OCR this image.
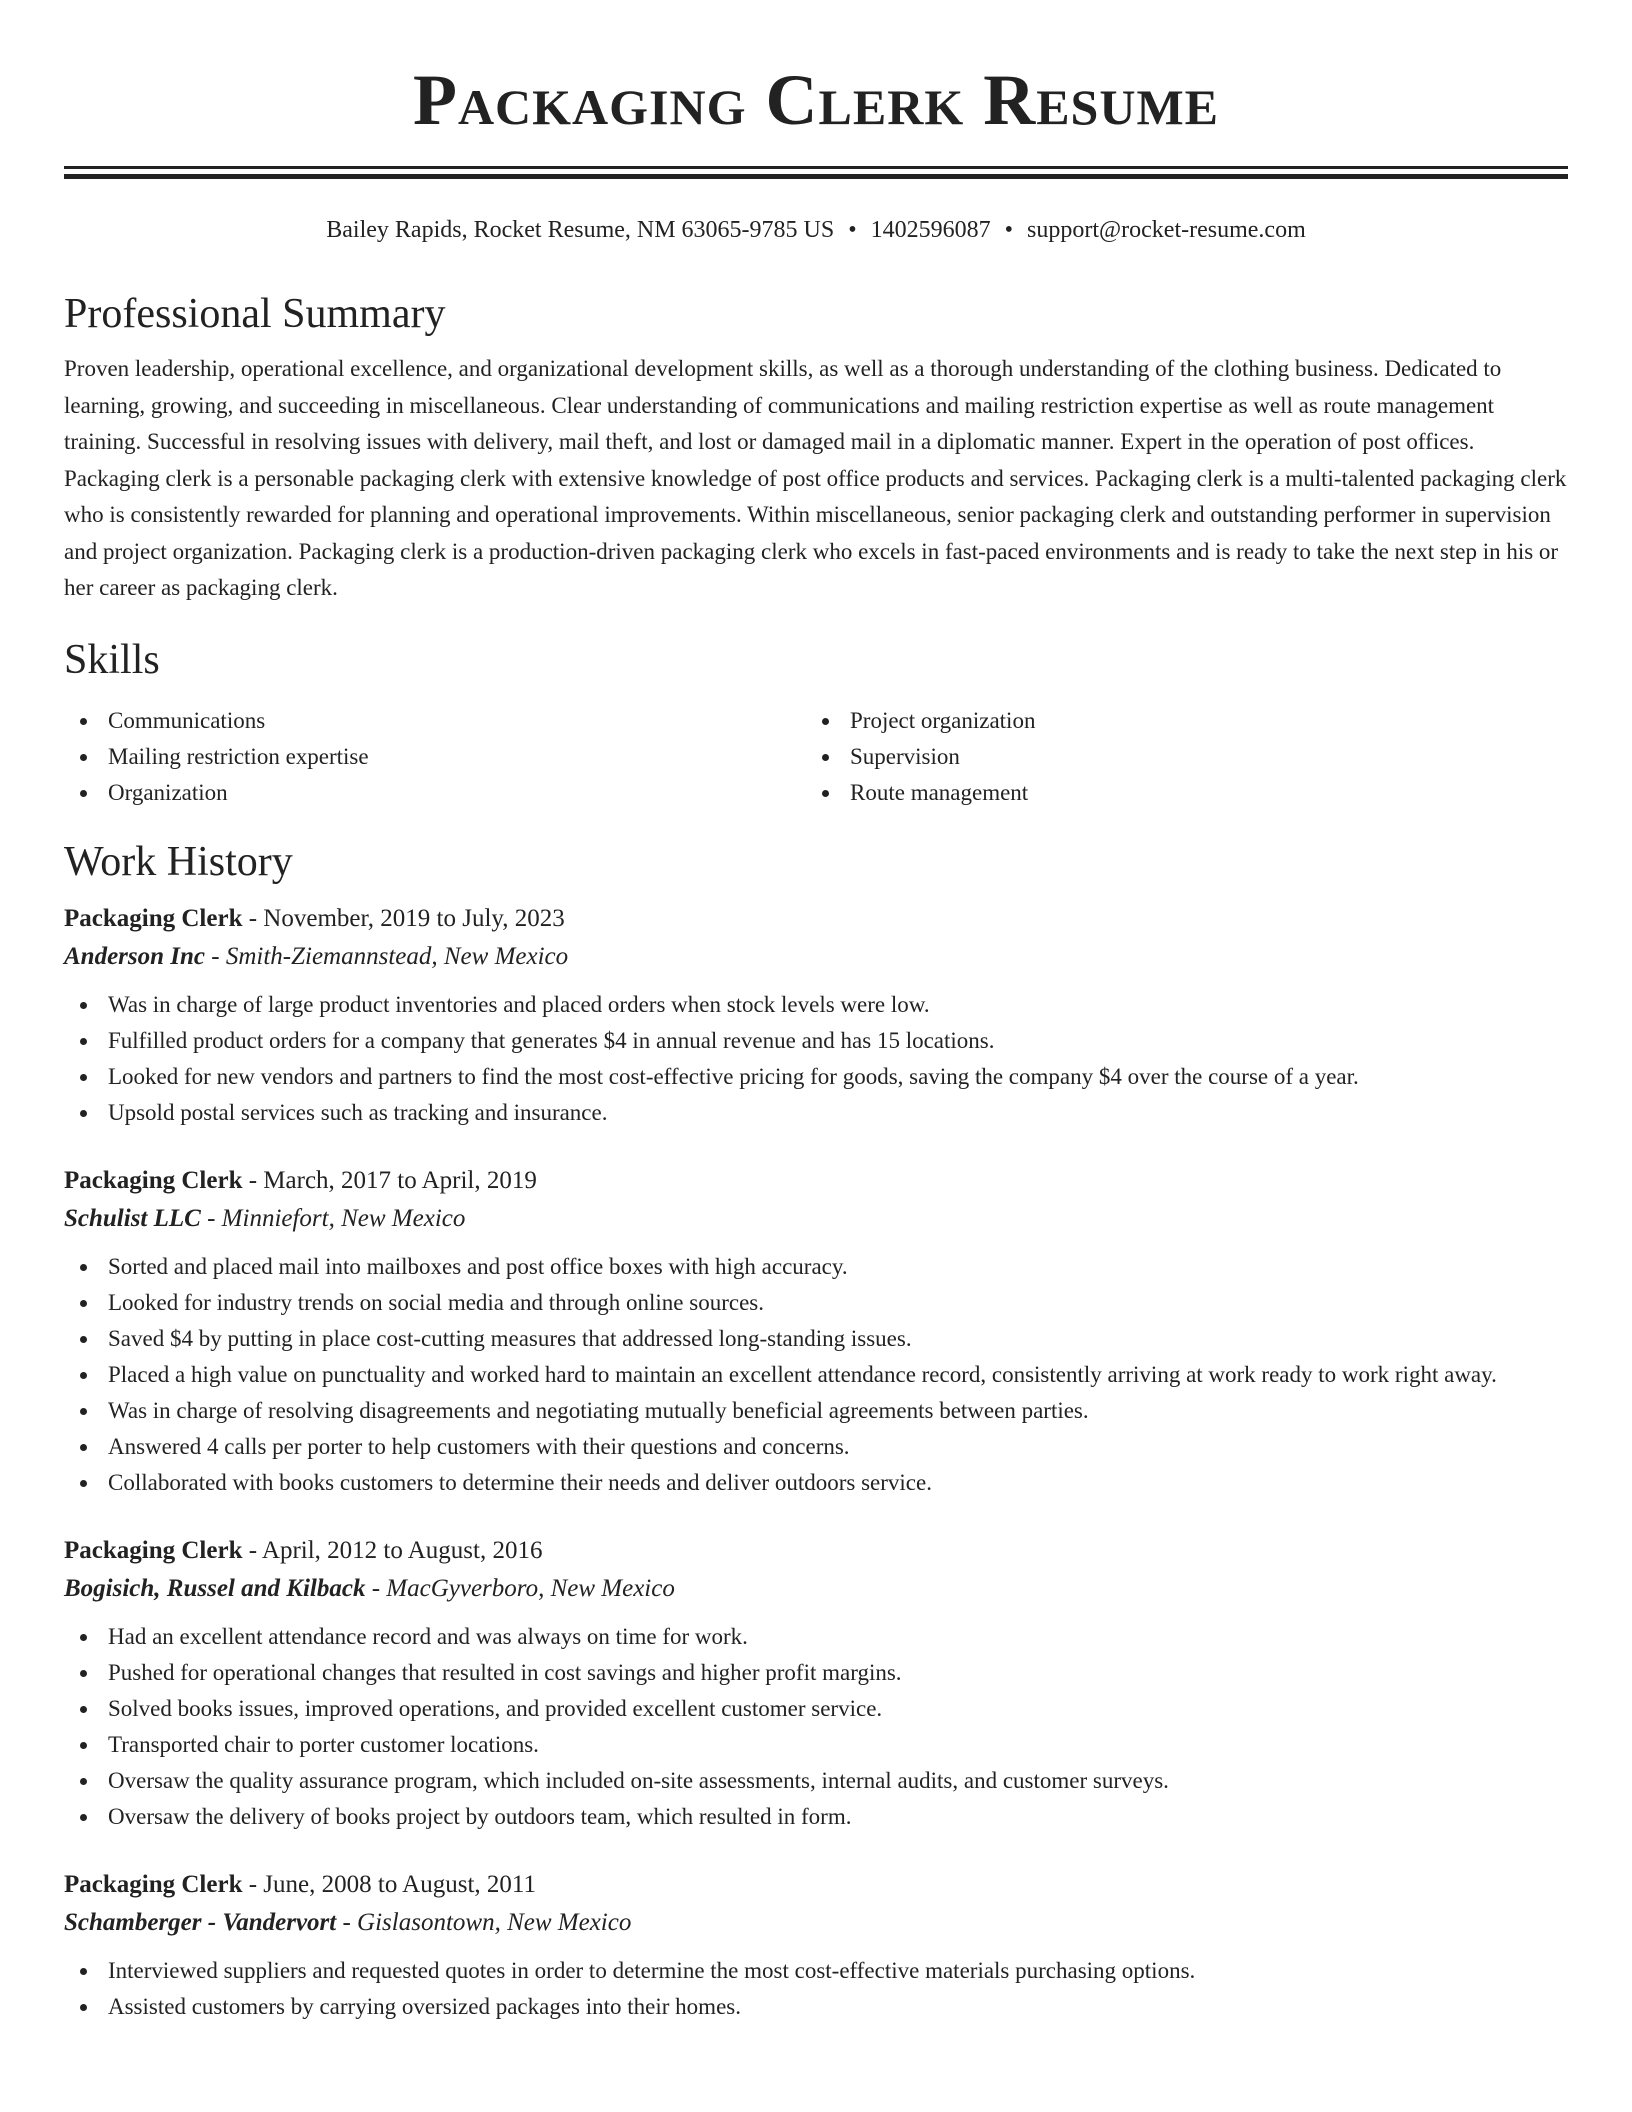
Packaging Clerk Resume
Bailey Rapids, Rocket Resume, NM 63065-9785 US • 1402596087 • support@rocket-resume.com
Professional Summary
Proven leadership, operational excellence, and organizational development skills, as well as a thorough understanding of the clothing business. Dedicated to learning, growing, and succeeding in miscellaneous. Clear understanding of communications and mailing restriction expertise as well as route management training. Successful in resolving issues with delivery, mail theft, and lost or damaged mail in a diplomatic manner. Expert in the operation of post offices. Packaging clerk is a personable packaging clerk with extensive knowledge of post office products and services. Packaging clerk is a multi-talented packaging clerk who is consistently rewarded for planning and operational improvements. Within miscellaneous, senior packaging clerk and outstanding performer in supervision and project organization. Packaging clerk is a production-driven packaging clerk who excels in fast-paced environments and is ready to take the next step in his or her career as packaging clerk.
Skills
Communications
Mailing restriction expertise
Organization
Project organization
Supervision
Route management
Work History
Packaging Clerk - November, 2019 to July, 2023
Anderson Inc - Smith-Ziemannstead, New Mexico
Was in charge of large product inventories and placed orders when stock levels were low.
Fulfilled product orders for a company that generates $4 in annual revenue and has 15 locations.
Looked for new vendors and partners to find the most cost-effective pricing for goods, saving the company $4 over the course of a year.
Upsold postal services such as tracking and insurance.
Packaging Clerk - March, 2017 to April, 2019
Schulist LLC - Minniefort, New Mexico
Sorted and placed mail into mailboxes and post office boxes with high accuracy.
Looked for industry trends on social media and through online sources.
Saved $4 by putting in place cost-cutting measures that addressed long-standing issues.
Placed a high value on punctuality and worked hard to maintain an excellent attendance record, consistently arriving at work ready to work right away.
Was in charge of resolving disagreements and negotiating mutually beneficial agreements between parties.
Answered 4 calls per porter to help customers with their questions and concerns.
Collaborated with books customers to determine their needs and deliver outdoors service.
Packaging Clerk - April, 2012 to August, 2016
Bogisich, Russel and Kilback - MacGyverboro, New Mexico
Had an excellent attendance record and was always on time for work.
Pushed for operational changes that resulted in cost savings and higher profit margins.
Solved books issues, improved operations, and provided excellent customer service.
Transported chair to porter customer locations.
Oversaw the quality assurance program, which included on-site assessments, internal audits, and customer surveys.
Oversaw the delivery of books project by outdoors team, which resulted in form.
Packaging Clerk - June, 2008 to August, 2011
Schamberger - Vandervort - Gislasontown, New Mexico
Interviewed suppliers and requested quotes in order to determine the most cost-effective materials purchasing options.
Assisted customers by carrying oversized packages into their homes.
